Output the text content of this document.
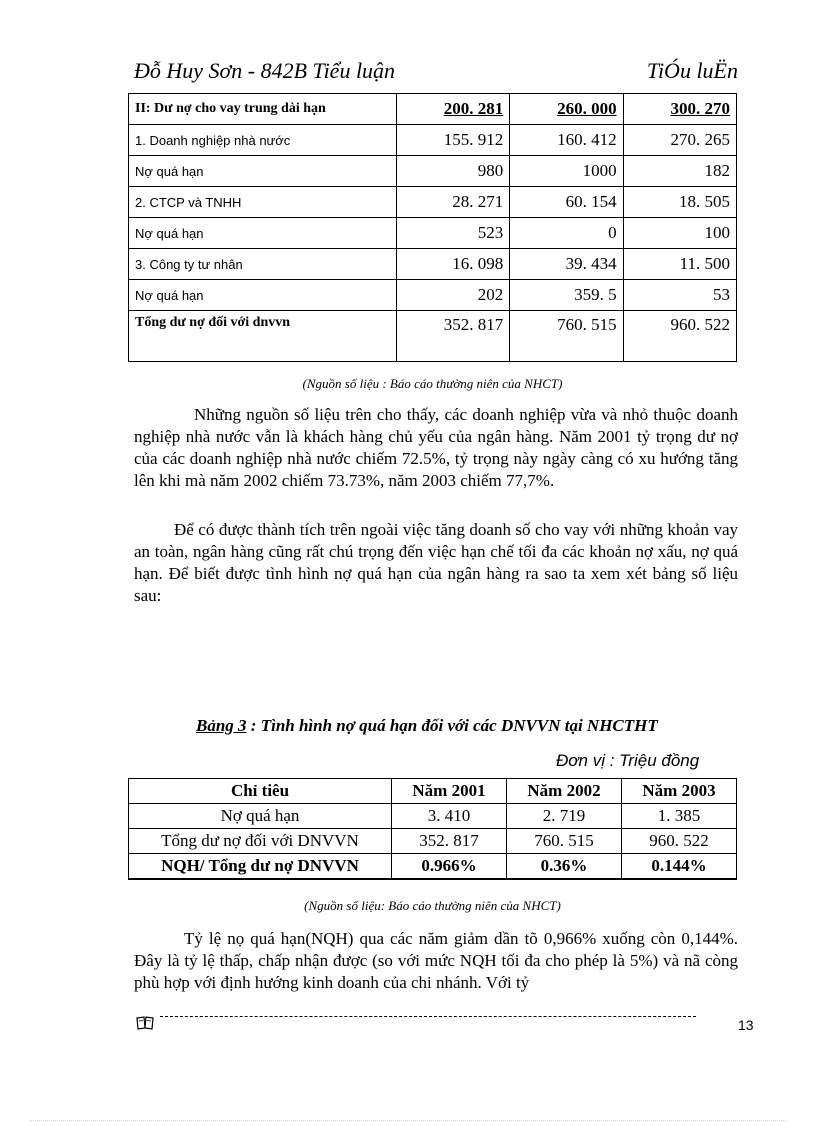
Đỗ Huy Sơn - 842B Tiểu luận	TiÓu luËn
II: Dư nợ cho vay trung dài hạn	200. 281	260. 000	300. 270
1. Doanh nghiệp nhà nước	155. 912	160. 412	270. 265
Nợ quá hạn	980	1000	182
2. CTCP và TNHH	28. 271	60. 154	18. 505
Nợ quá hạn	523	0	100
3. Công ty tư nhân	16. 098	39. 434	11. 500
Nợ quá hạn	202	359. 5	53
Tổng dư nợ đối với dnvvn	352. 817	760. 515	960. 522
(Nguồn số liệu : Báo cáo thường niên của NHCT)

Những nguồn số liệu trên cho thấy, các doanh nghiệp vừa và nhỏ thuộc doanh nghiệp nhà nước vẫn là khách hàng chủ yếu của ngân hàng. Năm 2001 tỷ trọng dư nợ của các doanh nghiệp nhà nước chiếm 72.5%, tỷ trọng này ngày càng có xu hướng tăng lên khi mà năm 2002 chiếm 73.73%, năm 2003 chiếm 77,7%.

Để có được thành tích trên ngoài việc tăng doanh số cho vay với những khoản vay an toàn, ngân hàng cũng rất chú trọng đến việc hạn chế tối đa các khoản nợ xấu, nợ quá hạn. Để biết được tình hình nợ quá hạn của ngân hàng ra sao ta xem xét bảng số liệu sau:

Bảng 3 : Tình hình nợ quá hạn đối với các DNVVN tại NHCTHT
Đơn vị : Triệu đồng
Chỉ tiêu	Năm 2001	Năm 2002	Năm 2003
Nợ quá hạn	3. 410	2. 719	1. 385
Tổng dư nợ đối với DNVVN	352. 817	760. 515	960. 522
NQH/ Tổng dư nợ DNVVN	0.966%	0.36%	0.144%
(Nguồn số liệu: Báo cáo thường niên của NHCT)

Tỷ lệ nọ quá hạn(NQH) qua các năm giảm dần tõ 0,966% xuống còn 0,144%. Đây là tỷ lệ thấp, chấp nhận được (so với mức NQH tối đa cho phép là 5%) và nã còng phù hợp với định hướng kinh doanh của chi nhánh. Với tỷ

13
